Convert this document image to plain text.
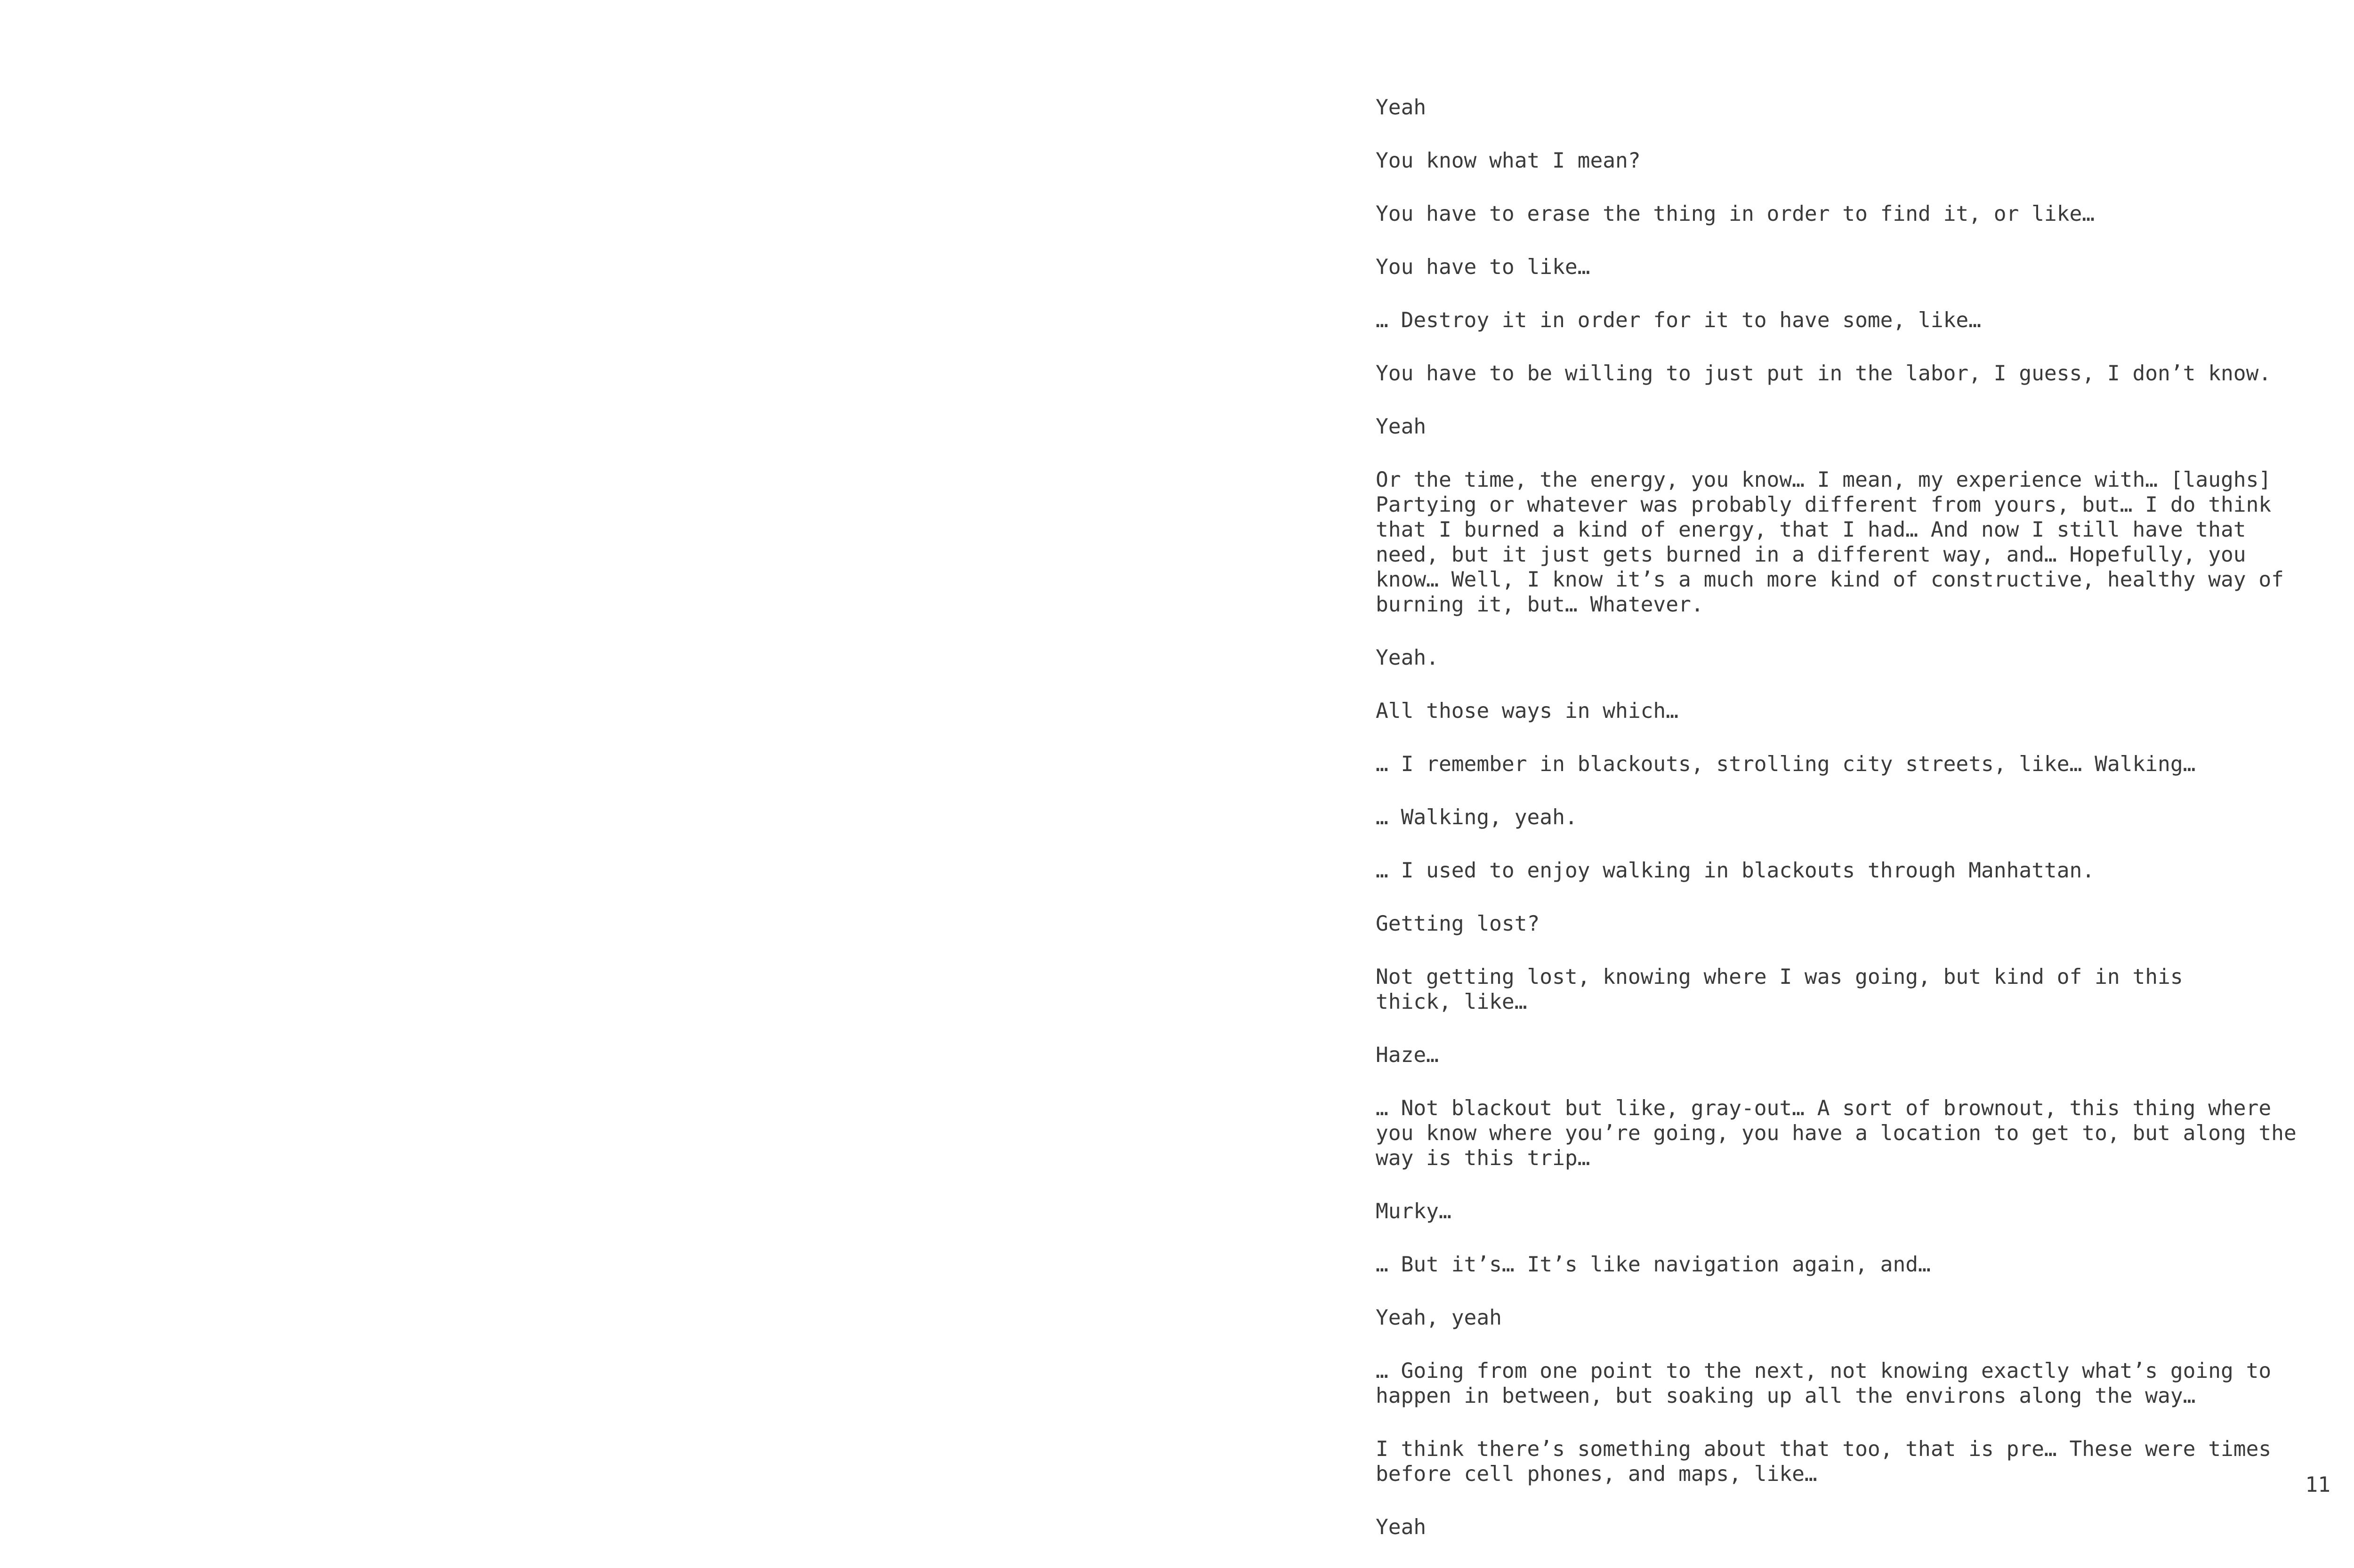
Yeah

You know what I mean?

You have to erase the thing in order to find it, or like…

You have to like…

… Destroy it in order for it to have some, like…

You have to be willing to just put in the labor, I guess, I don’t know.

Yeah

Or the time, the energy, you know… I mean, my experience with… [laughs]
Partying or whatever was probably different from yours, but… I do think
that I burned a kind of energy, that I had… And now I still have that
need, but it just gets burned in a different way, and… Hopefully, you
know… Well, I know it’s a much more kind of constructive, healthy way of
burning it, but… Whatever.

Yeah.

All those ways in which…

… I remember in blackouts, strolling city streets, like… Walking…

… Walking, yeah.

… I used to enjoy walking in blackouts through Manhattan.

Getting lost?

Not getting lost, knowing where I was going, but kind of in this
thick, like…

Haze…

… Not blackout but like, gray-out… A sort of brownout, this thing where
you know where you’re going, you have a location to get to, but along the
way is this trip…

Murky…

… But it’s… It’s like navigation again, and…

Yeah, yeah

… Going from one point to the next, not knowing exactly what’s going to
happen in between, but soaking up all the environs along the way…

I think there’s something about that too, that is pre… These were times
before cell phones, and maps, like…

Yeah

11
